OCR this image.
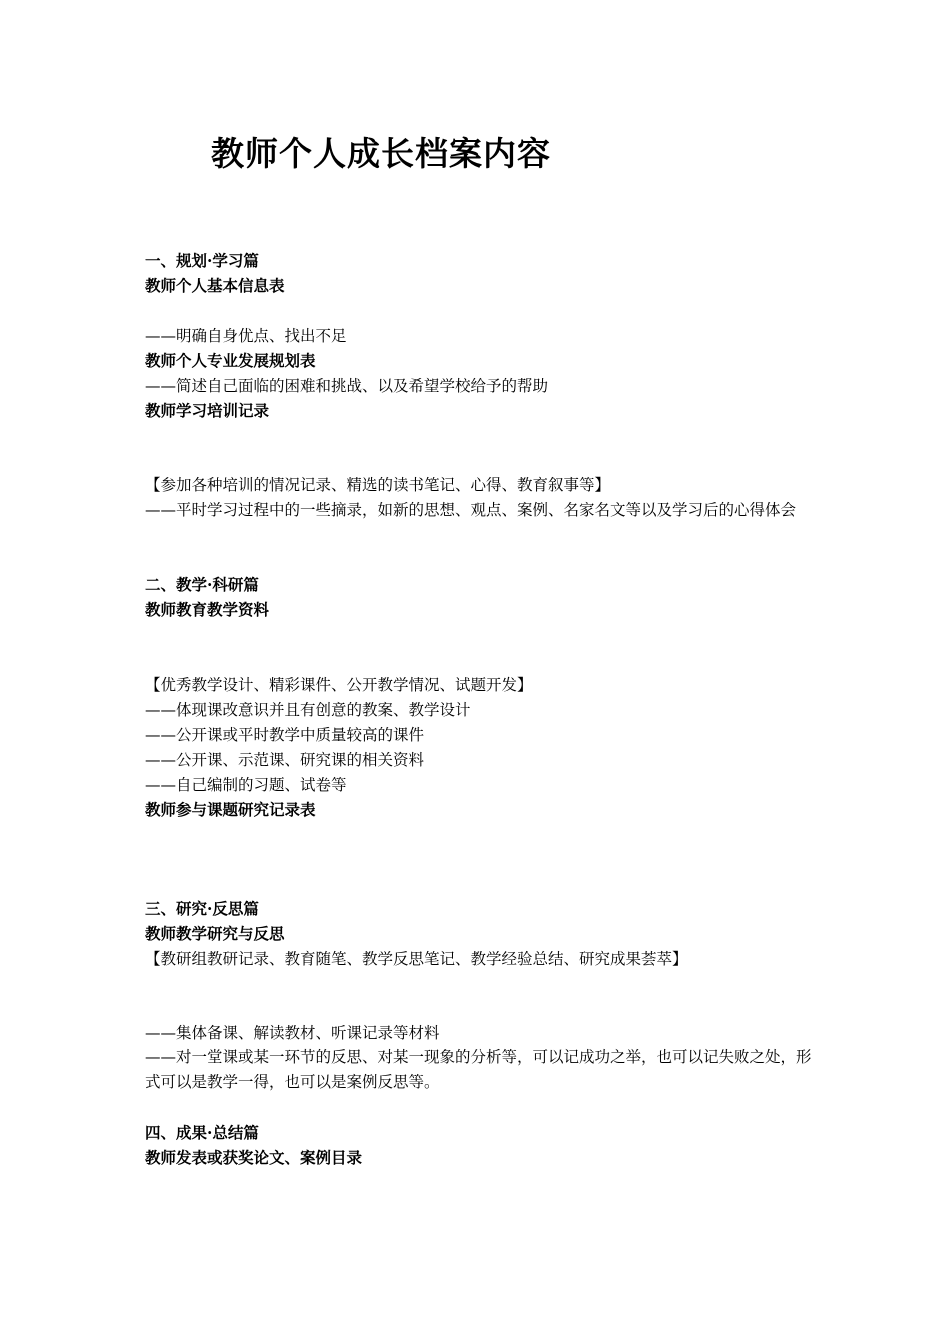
教师个人成长档案内容
一、规划·学习篇
教师个人基本信息表
——明确自身优点、找出不足
教师个人专业发展规划表
——简述自己面临的困难和挑战、以及希望学校给予的帮助
教师学习培训记录
【参加各种培训的情况记录、精选的读书笔记、心得、教育叙事等】
——平时学习过程中的一些摘录，如新的思想、观点、案例、名家名文等以及学习后的心得体会
二、教学·科研篇
教师教育教学资料
【优秀教学设计、精彩课件、公开教学情况、试题开发】
——体现课改意识并且有创意的教案、教学设计
——公开课或平时教学中质量较高的课件
——公开课、示范课、研究课的相关资料
——自己编制的习题、试卷等
教师参与课题研究记录表
三、研究·反思篇
教师教学研究与反思
【教研组教研记录、教育随笔、教学反思笔记、教学经验总结、研究成果荟萃】
——集体备课、解读教材、听课记录等材料
——对一堂课或某一环节的反思、对某一现象的分析等，可以记成功之举，也可以记失败之处，形式可以是教学一得，也可以是案例反思等。
四、成果·总结篇
教师发表或获奖论文、案例目录
